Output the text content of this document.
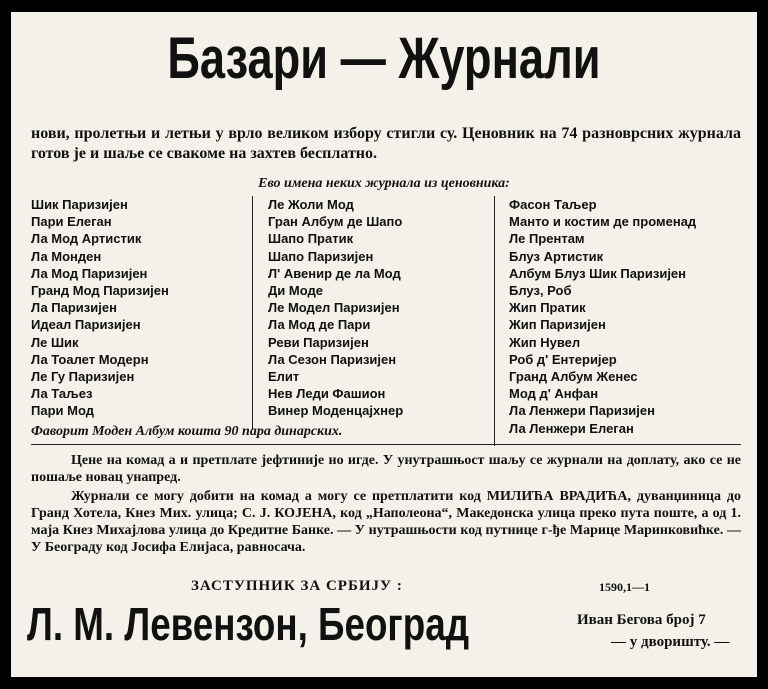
Базари — Журнали

нови, пролетњи и летњи у врло великом избору стигли су. Ценовник на 74 разноврсних журнала готов је и шаље се свакоме на захтев бесплатно.

Ево имена неких журнала из ценовника:

Шик Паризијен
Пари Елеган
Ла Мод Артистик
Ла Монден
Ла Мод Паризијен
Гранд Мод Паризијен
Ла Паризијен
Идеал Паризијен
Ле Шик
Ла Тоалет Модерн
Ле Гу Паризијен
Ла Таљез
Пари Мод
Ле Жоли Мод
Гран Албум де Шапо
Шапо Пратик
Шапо Паризијен
Л' Авенир де ла Мод
Ди Моде
Ле Модел Паризијен
Ла Мод де Пари
Реви Паризијен
Ла Сезон Паризијен
Елит
Нев Леди Фашион
Винер Моденцајхнер
Фасон Таљер
Манто и костим де променад
Ле Прентам
Блуз Артистик
Албум Блуз Шик Паризијен
Блуз, Роб
Жип Пратик
Жип Паризијен
Жип Нувел
Роб д' Ентеријер
Гранд Албум Женес
Мод д' Анфан
Ла Ленжери Паризијен
Ла Ленжери Елеган

Фаворит Моден Албум кошта 90 пара динарских.

Цене на комад а и претплате јефтиније но игде. У унутрашњост шаљу се журнали на доплату, ако се не пошаље новац унапред.

Журнали се могу добити на комад а могу се претплатити код МИЛИЋА ВРАДИЋА, дуванџиница до Гранд Хотела, Кнез Мих. улица; С. Ј. КОЈЕНА, код „Наполеона“, Македонска улица преко пута поште, а од 1. маја Кнез Михајлова улица до Кредитне Банке. — У нутрашњости код путнице г-ђе Марице Маринковићке. — У Београду код Јосифа Елијаса, равносача.

ЗАСТУПНИК ЗА СРБИЈУ :	1590,1—1

Л. М. Левензон, Београд	Иван Бегова број 7

— у дворишту. —
